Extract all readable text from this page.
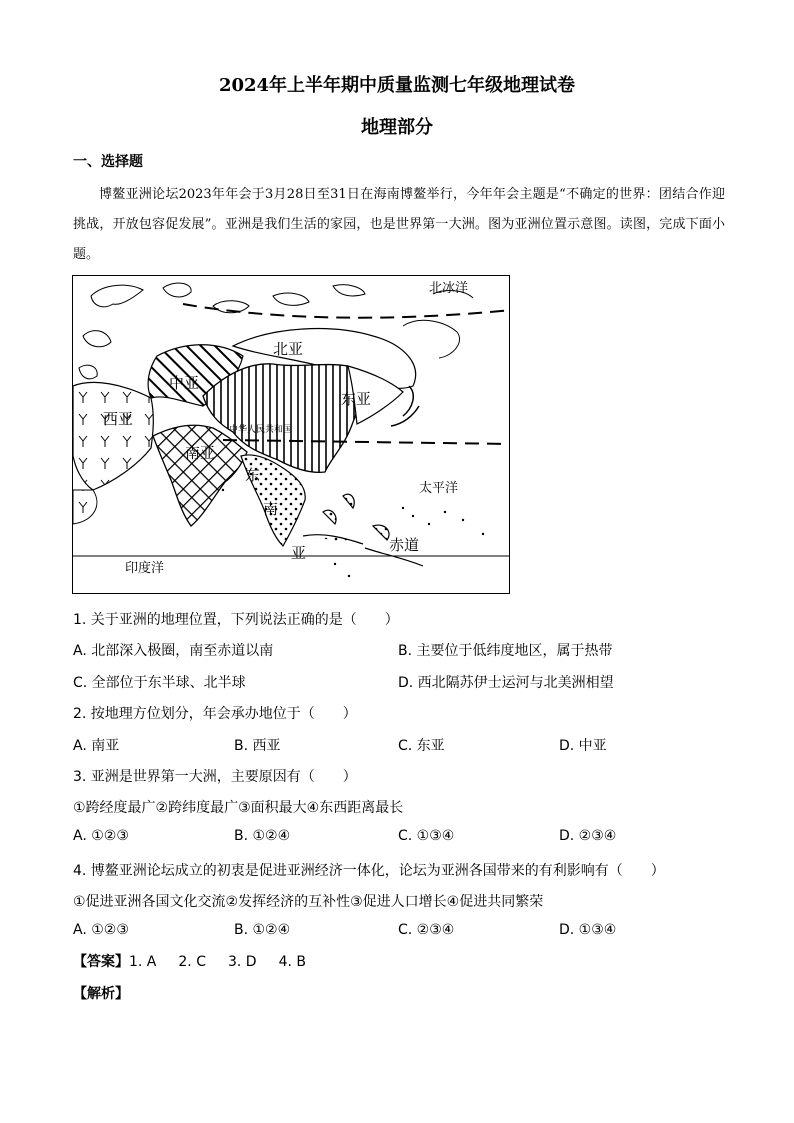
2024年上半年期中质量监测七年级地理试卷
地理部分
一、选择题
博鳌亚洲论坛2023年年会于3月28日至31日在海南博鳌举行，今年年会主题是“不确定的世界：团结合作迎挑战，开放包容促发展”。亚洲是我们生活的家园，也是世界第一大洲。图为亚洲位置示意图。读图，完成下面小题。
北冰洋
北亚
中亚
西亚
东亚
中华人民共和国
南亚
东
南
亚
太平洋
赤道
印度洋
1. 关于亚洲的地理位置，下列说法正确的是（　　）
A. 北部深入极圈，南至赤道以南	B. 主要位于低纬度地区，属于热带
C. 全部位于东半球、北半球	D. 西北隔苏伊士运河与北美洲相望
2. 按地理方位划分，年会承办地位于（　　）
A. 南亚	B. 西亚	C. 东亚	D. 中亚
3. 亚洲是世界第一大洲，主要原因有（　　）
①跨经度最广②跨纬度最广③面积最大④东西距离最长
A. ①②③	B. ①②④	C. ①③④	D. ②③④
4. 博鳌亚洲论坛成立的初衷是促进亚洲经济一体化，论坛为亚洲各国带来的有利影响有（　　）
①促进亚洲各国文化交流②发挥经济的互补性③促进人口增长④促进共同繁荣
A. ①②③	B. ①②④	C. ②③④	D. ①③④
【答案】1. A 2. C 3. D 4. B
【解析】
